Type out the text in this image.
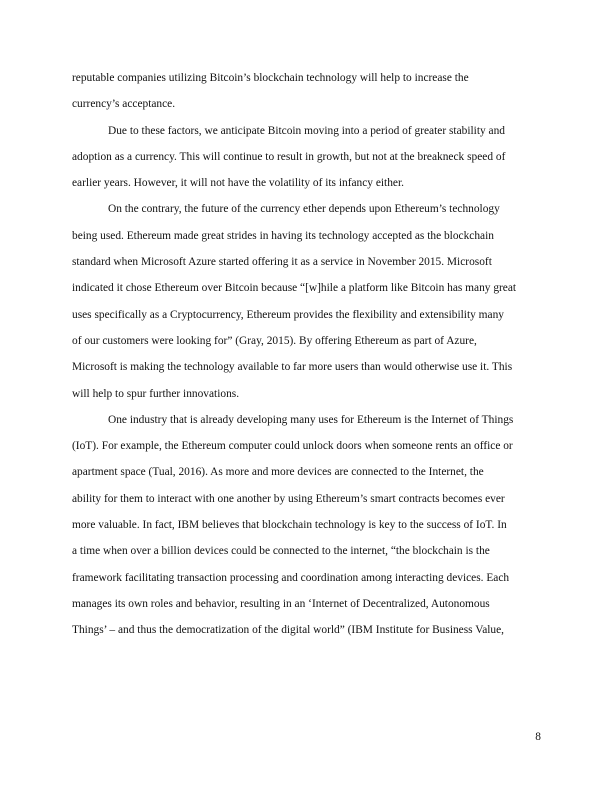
reputable companies utilizing Bitcoin’s blockchain technology will help to increase the
currency’s acceptance.
Due to these factors, we anticipate Bitcoin moving into a period of greater stability and
adoption as a currency. This will continue to result in growth, but not at the breakneck speed of
earlier years. However, it will not have the volatility of its infancy either.
On the contrary, the future of the currency ether depends upon Ethereum’s technology
being used. Ethereum made great strides in having its technology accepted as the blockchain
standard when Microsoft Azure started offering it as a service in November 2015. Microsoft
indicated it chose Ethereum over Bitcoin because “[w]hile a platform like Bitcoin has many great
uses specifically as a Cryptocurrency, Ethereum provides the flexibility and extensibility many
of our customers were looking for” (Gray, 2015). By offering Ethereum as part of Azure,
Microsoft is making the technology available to far more users than would otherwise use it. This
will help to spur further innovations.
One industry that is already developing many uses for Ethereum is the Internet of Things
(IoT). For example, the Ethereum computer could unlock doors when someone rents an office or
apartment space (Tual, 2016). As more and more devices are connected to the Internet, the
ability for them to interact with one another by using Ethereum’s smart contracts becomes ever
more valuable. In fact, IBM believes that blockchain technology is key to the success of IoT. In
a time when over a billion devices could be connected to the internet, “the blockchain is the
framework facilitating transaction processing and coordination among interacting devices. Each
manages its own roles and behavior, resulting in an ‘Internet of Decentralized, Autonomous
Things’ – and thus the democratization of the digital world” (IBM Institute for Business Value,
8
